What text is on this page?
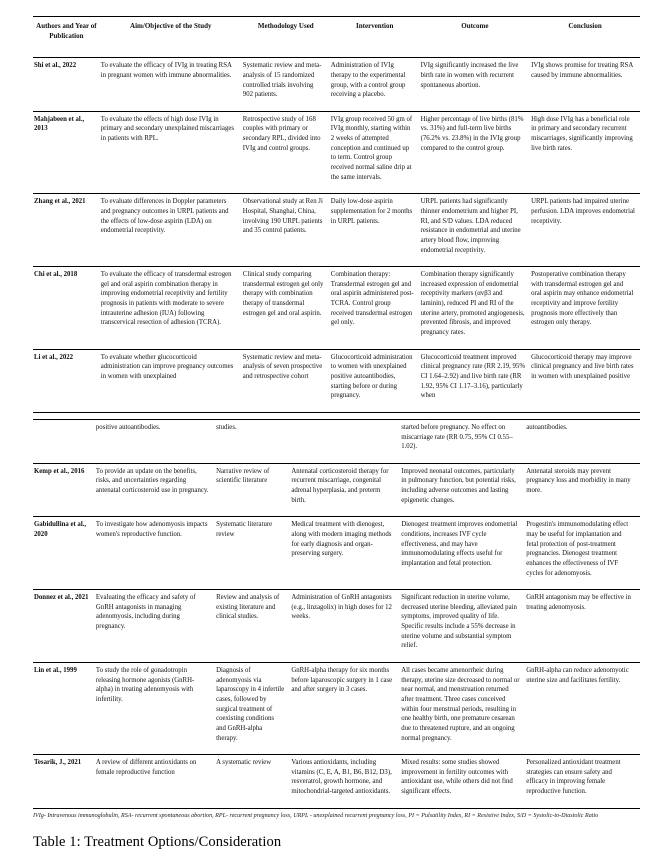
Authors and Year of Publication	Aim/Objective of the Study	Methodology Used	Intervention	Outcome	Conclusion
Shi et al., 2022	To evaluate the efficacy of IVIg in treating RSA in pregnant women with immune abnormalities.	Systematic review and meta-analysis of 15 randomized controlled trials involving 902 patients.	Administration of IVIg therapy to the experimental group, with a control group receiving a placebo.	IVIg significantly increased the live birth rate in women with recurrent spontaneous abortion.	IVIg shows promise for treating RSA caused by immune abnormalities.
Mahjabeen et al., 2013	To evaluate the effects of high dose IVIg in primary and secondary unexplained miscarriages in patients with RPL.	Retrospective study of 168 couples with primary or secondary RPL, divided into IVIg and control groups.	IVIg group received 50 gm of IVIg monthly, starting within 2 weeks of attempted conception and continued up to term. Control group received normal saline drip at the same intervals.	Higher percentage of live births (81% vs. 31%) and full-term live births (76.2% vs. 23.8%) in the IVIg group compared to the control group.	High dose IVIg has a beneficial role in primary and secondary recurrent miscarriages, significantly improving live birth rates.
Zhang et al., 2021	To evaluate differences in Doppler parameters and pregnancy outcomes in URPL patients and the effects of low-dose aspirin (LDA) on endometrial receptivity.	Observational study at Ren Ji Hospital, Shanghai, China, involving 190 URPL patients and 35 control patients.	Daily low-dose aspirin supplementation for 2 months in URPL patients.	URPL patients had significantly thinner endometrium and higher PI, RI, and S/D values. LDA reduced resistance in endometrial and uterine artery blood flow, improving endometrial receptivity.	URPL patients had impaired uterine perfusion. LDA improves endometrial receptivity.
Chi et al., 2018	To evaluate the efficacy of transdermal estrogen gel and oral aspirin combination therapy in improving endometrial receptivity and fertility prognosis in patients with moderate to severe intrauterine adhesion (IUA) following transcervical resection of adhesion (TCRA).	Clinical study comparing transdermal estrogen gel only therapy with combination therapy of transdermal estrogen gel and oral aspirin.	Combination therapy: Transdermal estrogen gel and oral aspirin administered post-TCRA. Control group received transdermal estrogen gel only.	Combination therapy significantly increased expression of endometrial receptivity markers (αvβ3 and laminin), reduced PI and RI of the uterine artery, promoted angiogenesis, prevented fibrosis, and improved pregnancy rates.	Postoperative combination therapy with transdermal estrogen gel and oral aspirin may enhance endometrial receptivity and improve fertility prognosis more effectively than estrogen only therapy.
Li et al., 2022	To evaluate whether glucocorticoid administration can improve pregnancy outcomes in women with unexplained	Systematic review and meta-analysis of seven prospective and retrospective cohort	Glucocorticoid administration to women with unexplained positive autoantibodies, starting before or during pregnancy.	Glucocorticoid treatment improved clinical pregnancy rate (RR 2.19, 95% CI 1.64–2.92) and live birth rate (RR 1.92, 95% CI 1.17–3.16), particularly when	Glucocorticoid therapy may improve clinical pregnancy and live birth rates in women with unexplained positive
	positive autoantibodies.	studies.		started before pregnancy. No effect on miscarriage rate (RR 0.75, 95% CI 0.55–1.02).	autoantibodies.
Kemp et al., 2016	To provide an update on the benefits, risks, and uncertainties regarding antenatal corticosteroid use in pregnancy.	Narrative review of scientific literature	Antenatal corticosteroid therapy for recurrent miscarriage, congenital adrenal hyperplasia, and preterm birth.	Improved neonatal outcomes, particularly in pulmonary function, but potential risks, including adverse outcomes and lasting epigenetic changes.	Antenatal steroids may prevent pregnancy loss and morbidity in many more.
Gabidullina et al., 2020	To investigate how adenomyosis impacts women's reproductive function.	Systematic literature review	Medical treatment with dienogest, along with modern imaging methods for early diagnosis and organ-preserving surgery.	Dienogest treatment improves endometrial conditions, increases IVF cycle effectiveness, and may have immunomodulating effects useful for implantation and fetal protection.	Progestin's immunomodulating effect may be useful for implantation and fetal protection of post-treatment pregnancies. Dienogest treatment enhances the effectiveness of IVF cycles for adenomyosis.
Donnez et al., 2021	Evaluating the efficacy and safety of GnRH antagonists in managing adenomyosis, including during pregnancy.	Review and analysis of existing literature and clinical studies.	Administration of GnRH antagonists (e.g., linzagolix) in high doses for 12 weeks.	Significant reduction in uterine volume, decreased uterine bleeding, alleviated pain symptoms, improved quality of life. Specific results include a 55% decrease in uterine volume and substantial symptom relief.	GnRH antagonism may be effective in treating adenomyosis.
Lin et al., 1999	To study the role of gonadotropin releasing hormone agonists (GnRH-alpha) in treating adenomyosis with infertility.	Diagnosis of adenomyosis via laparoscopy in 4 infertile cases, followed by surgical treatment of coexisting conditions and GnRH-alpha therapy.	GnRH-alpha therapy for six months before laparoscopic surgery in 1 case and after surgery in 3 cases.	All cases became amenorrheic during therapy, uterine size decreased to normal or near normal, and menstruation returned after treatment. Three cases conceived within four menstrual periods, resulting in one healthy birth, one premature cesarean due to threatened rupture, and an ongoing normal pregnancy.	GnRH-alpha can reduce adenomyotic uterine size and facilitates fertility.
Tesarik, J., 2021	A review of different antioxidants on female reproductive function	A systematic review	Various antioxidants, including vitamins (C, E, A, B1, B6, B12, D3), resveratrol, growth hormone, and mitochondrial-targeted antioxidants.	Mixed results: some studies showed improvement in fertility outcomes with antioxidant use, while others did not find significant effects.	Personalized antioxidant treatment strategies can ensure safety and efficacy in improving female reproductive function.
IVIg- Intravenous immunoglobulin, RSA- recurrent spontaneous abortion, RPL- recurrent pregnancy loss, URPL - unexplained recurrent pregnancy loss, PI = Pulsatility Index, RI = Resistive Index, S/D = Systolic-to-Diastolic Ratio
Table 1: Treatment Options/Consideration
